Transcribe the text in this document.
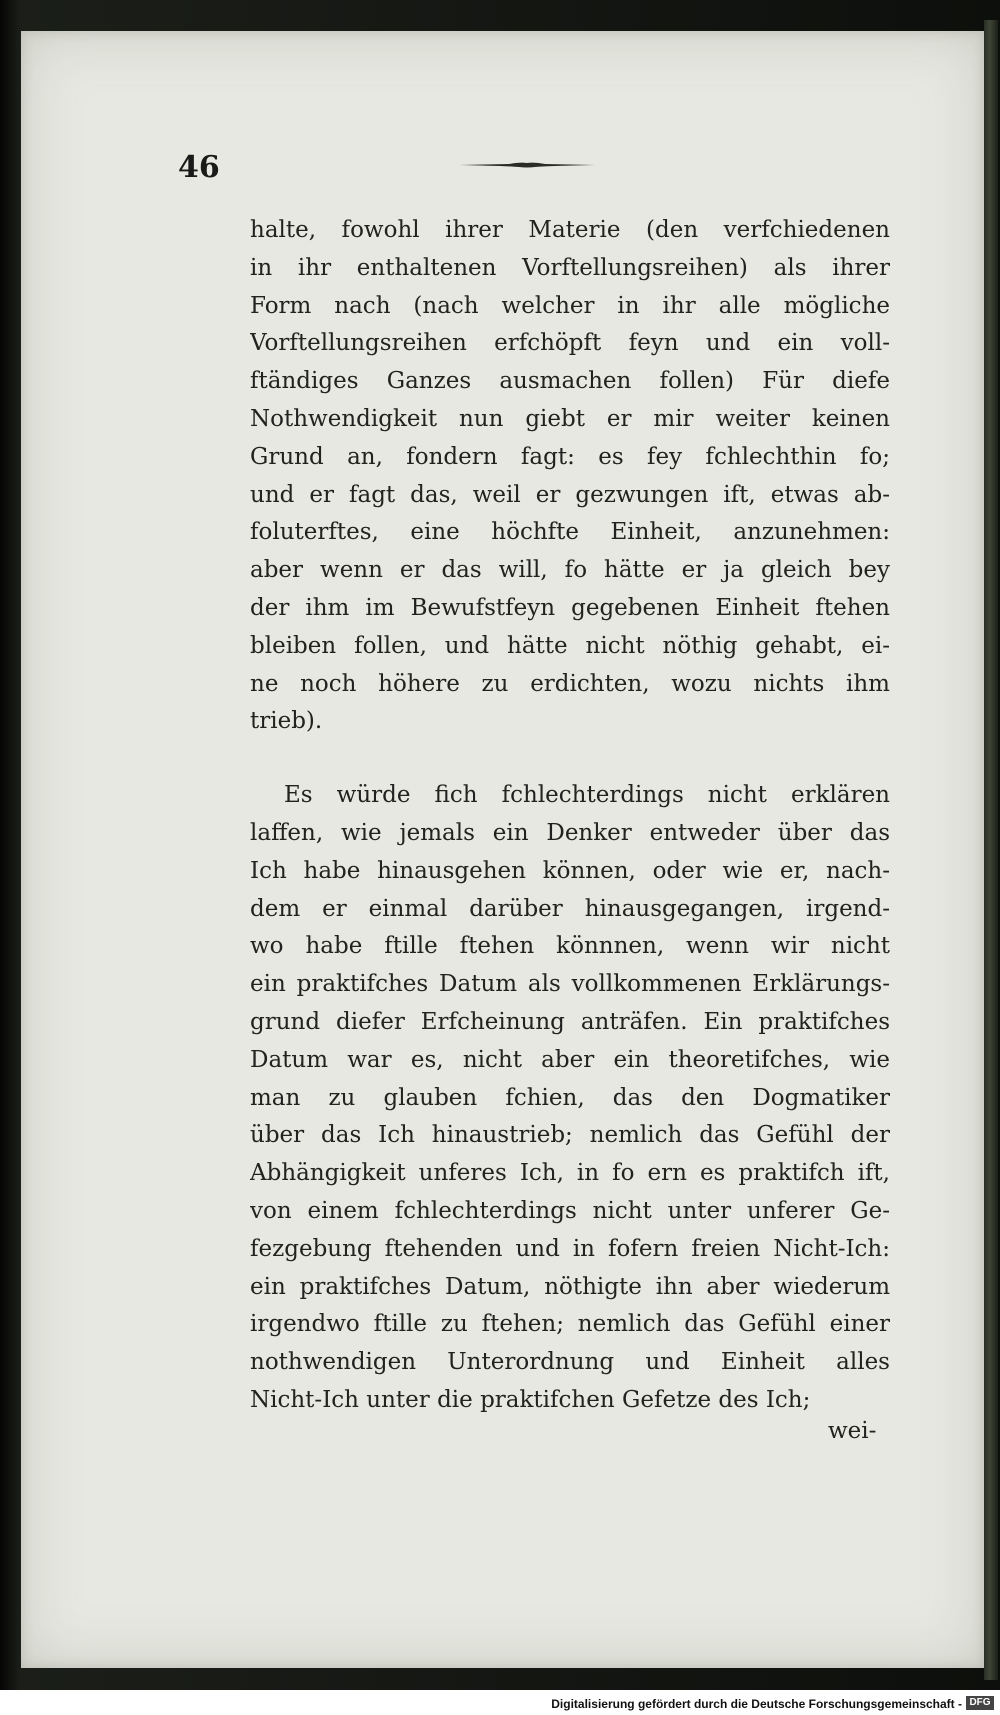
46
halte, fowohl ihrer Materie (den verfchiedenen
in ihr enthaltenen Vorftellungsreihen) als ihrer
Form nach (nach welcher in ihr alle mögliche
Vorftellungsreihen erfchöpft feyn und ein voll-
ftändiges Ganzes ausmachen follen) Für diefe
Nothwendigkeit nun giebt er mir weiter keinen
Grund an, fondern fagt: es fey fchlechthin fo;
und er fagt das, weil er gezwungen ift, etwas ab-
foluterftes, eine höchfte Einheit, anzunehmen:
aber wenn er das will, fo hätte er ja gleich bey
der ihm im Bewufstfeyn gegebenen Einheit ftehen
bleiben follen, und hätte nicht nöthig gehabt, ei-
ne noch höhere zu erdichten, wozu nichts ihm
trieb).
Es würde fich fchlechterdings nicht erklären
laffen, wie jemals ein Denker entweder über das
Ich habe hinausgehen können, oder wie er, nach-
dem er einmal darüber hinausgegangen, irgend-
wo habe ftille ftehen könnnen, wenn wir nicht
ein praktifches Datum als vollkommenen Erklärungs-
grund diefer Erfcheinung anträfen. Ein praktifches
Datum war es, nicht aber ein theoretifches, wie
man zu glauben fchien, das den Dogmatiker
über das Ich hinaustrieb; nemlich das Gefühl der
Abhängigkeit unferes Ich, in fo ern es praktifch ift,
von einem fchlechterdings nicht unter unferer Ge-
fezgebung ftehenden und in fofern freien Nicht-Ich:
ein praktifches Datum, nöthigte ihn aber wiederum
irgendwo ftille zu ftehen; nemlich das Gefühl einer
nothwendigen Unterordnung und Einheit alles
Nicht-Ich unter die praktifchen Gefetze des Ich;
wei-
Digitalisierung gefördert durch die Deutsche Forschungsgemeinschaft - DFG
